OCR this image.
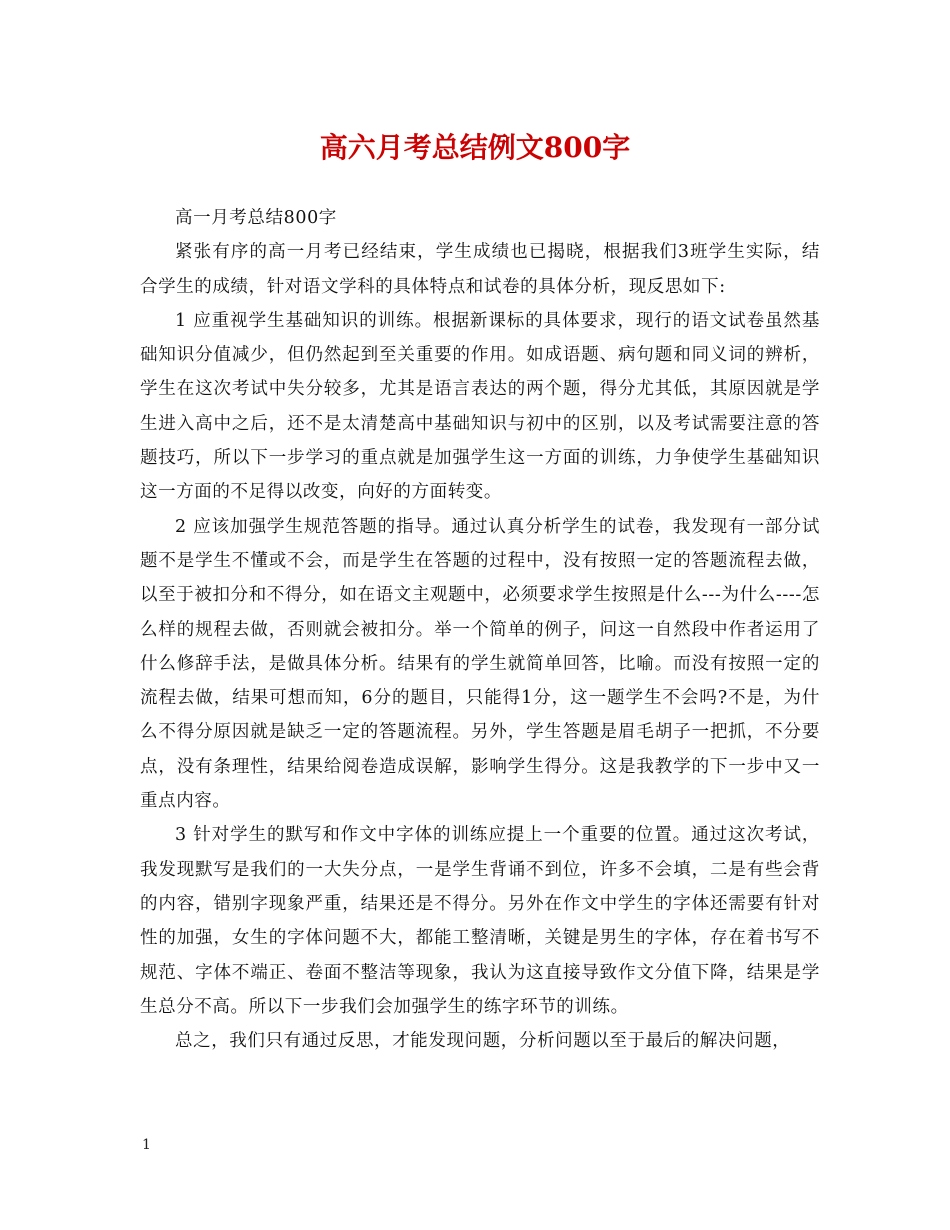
高六月考总结例文800字

高一月考总结800字

紧张有序的高一月考已经结束，学生成绩也已揭晓，根据我们3班学生实际，结合学生的成绩，针对语文学科的具体特点和试卷的具体分析，现反思如下:

1 应重视学生基础知识的训练。根据新课标的具体要求，现行的语文试卷虽然基础知识分值减少，但仍然起到至关重要的作用。如成语题、病句题和同义词的辨析，学生在这次考试中失分较多，尤其是语言表达的两个题，得分尤其低，其原因就是学生进入高中之后，还不是太清楚高中基础知识与初中的区别，以及考试需要注意的答题技巧，所以下一步学习的重点就是加强学生这一方面的训练，力争使学生基础知识这一方面的不足得以改变，向好的方面转变。

2 应该加强学生规范答题的指导。通过认真分析学生的试卷，我发现有一部分试题不是学生不懂或不会，而是学生在答题的过程中，没有按照一定的答题流程去做，以至于被扣分和不得分，如在语文主观题中，必须要求学生按照是什么---为什么----怎么样的规程去做，否则就会被扣分。举一个简单的例子，问这一自然段中作者运用了什么修辞手法，是做具体分析。结果有的学生就简单回答，比喻。而没有按照一定的流程去做，结果可想而知，6分的题目，只能得1分，这一题学生不会吗?不是，为什么不得分原因就是缺乏一定的答题流程。另外，学生答题是眉毛胡子一把抓，不分要点，没有条理性，结果给阅卷造成误解，影响学生得分。这是我教学的下一步中又一重点内容。

3 针对学生的默写和作文中字体的训练应提上一个重要的位置。通过这次考试，我发现默写是我们的一大失分点，一是学生背诵不到位，许多不会填，二是有些会背的内容，错别字现象严重，结果还是不得分。另外在作文中学生的字体还需要有针对性的加强，女生的字体问题不大，都能工整清晰，关键是男生的字体，存在着书写不规范、字体不端正、卷面不整洁等现象，我认为这直接导致作文分值下降，结果是学生总分不高。所以下一步我们会加强学生的练字环节的训练。

总之，我们只有通过反思，才能发现问题，分析问题以至于最后的解决问题，

1
